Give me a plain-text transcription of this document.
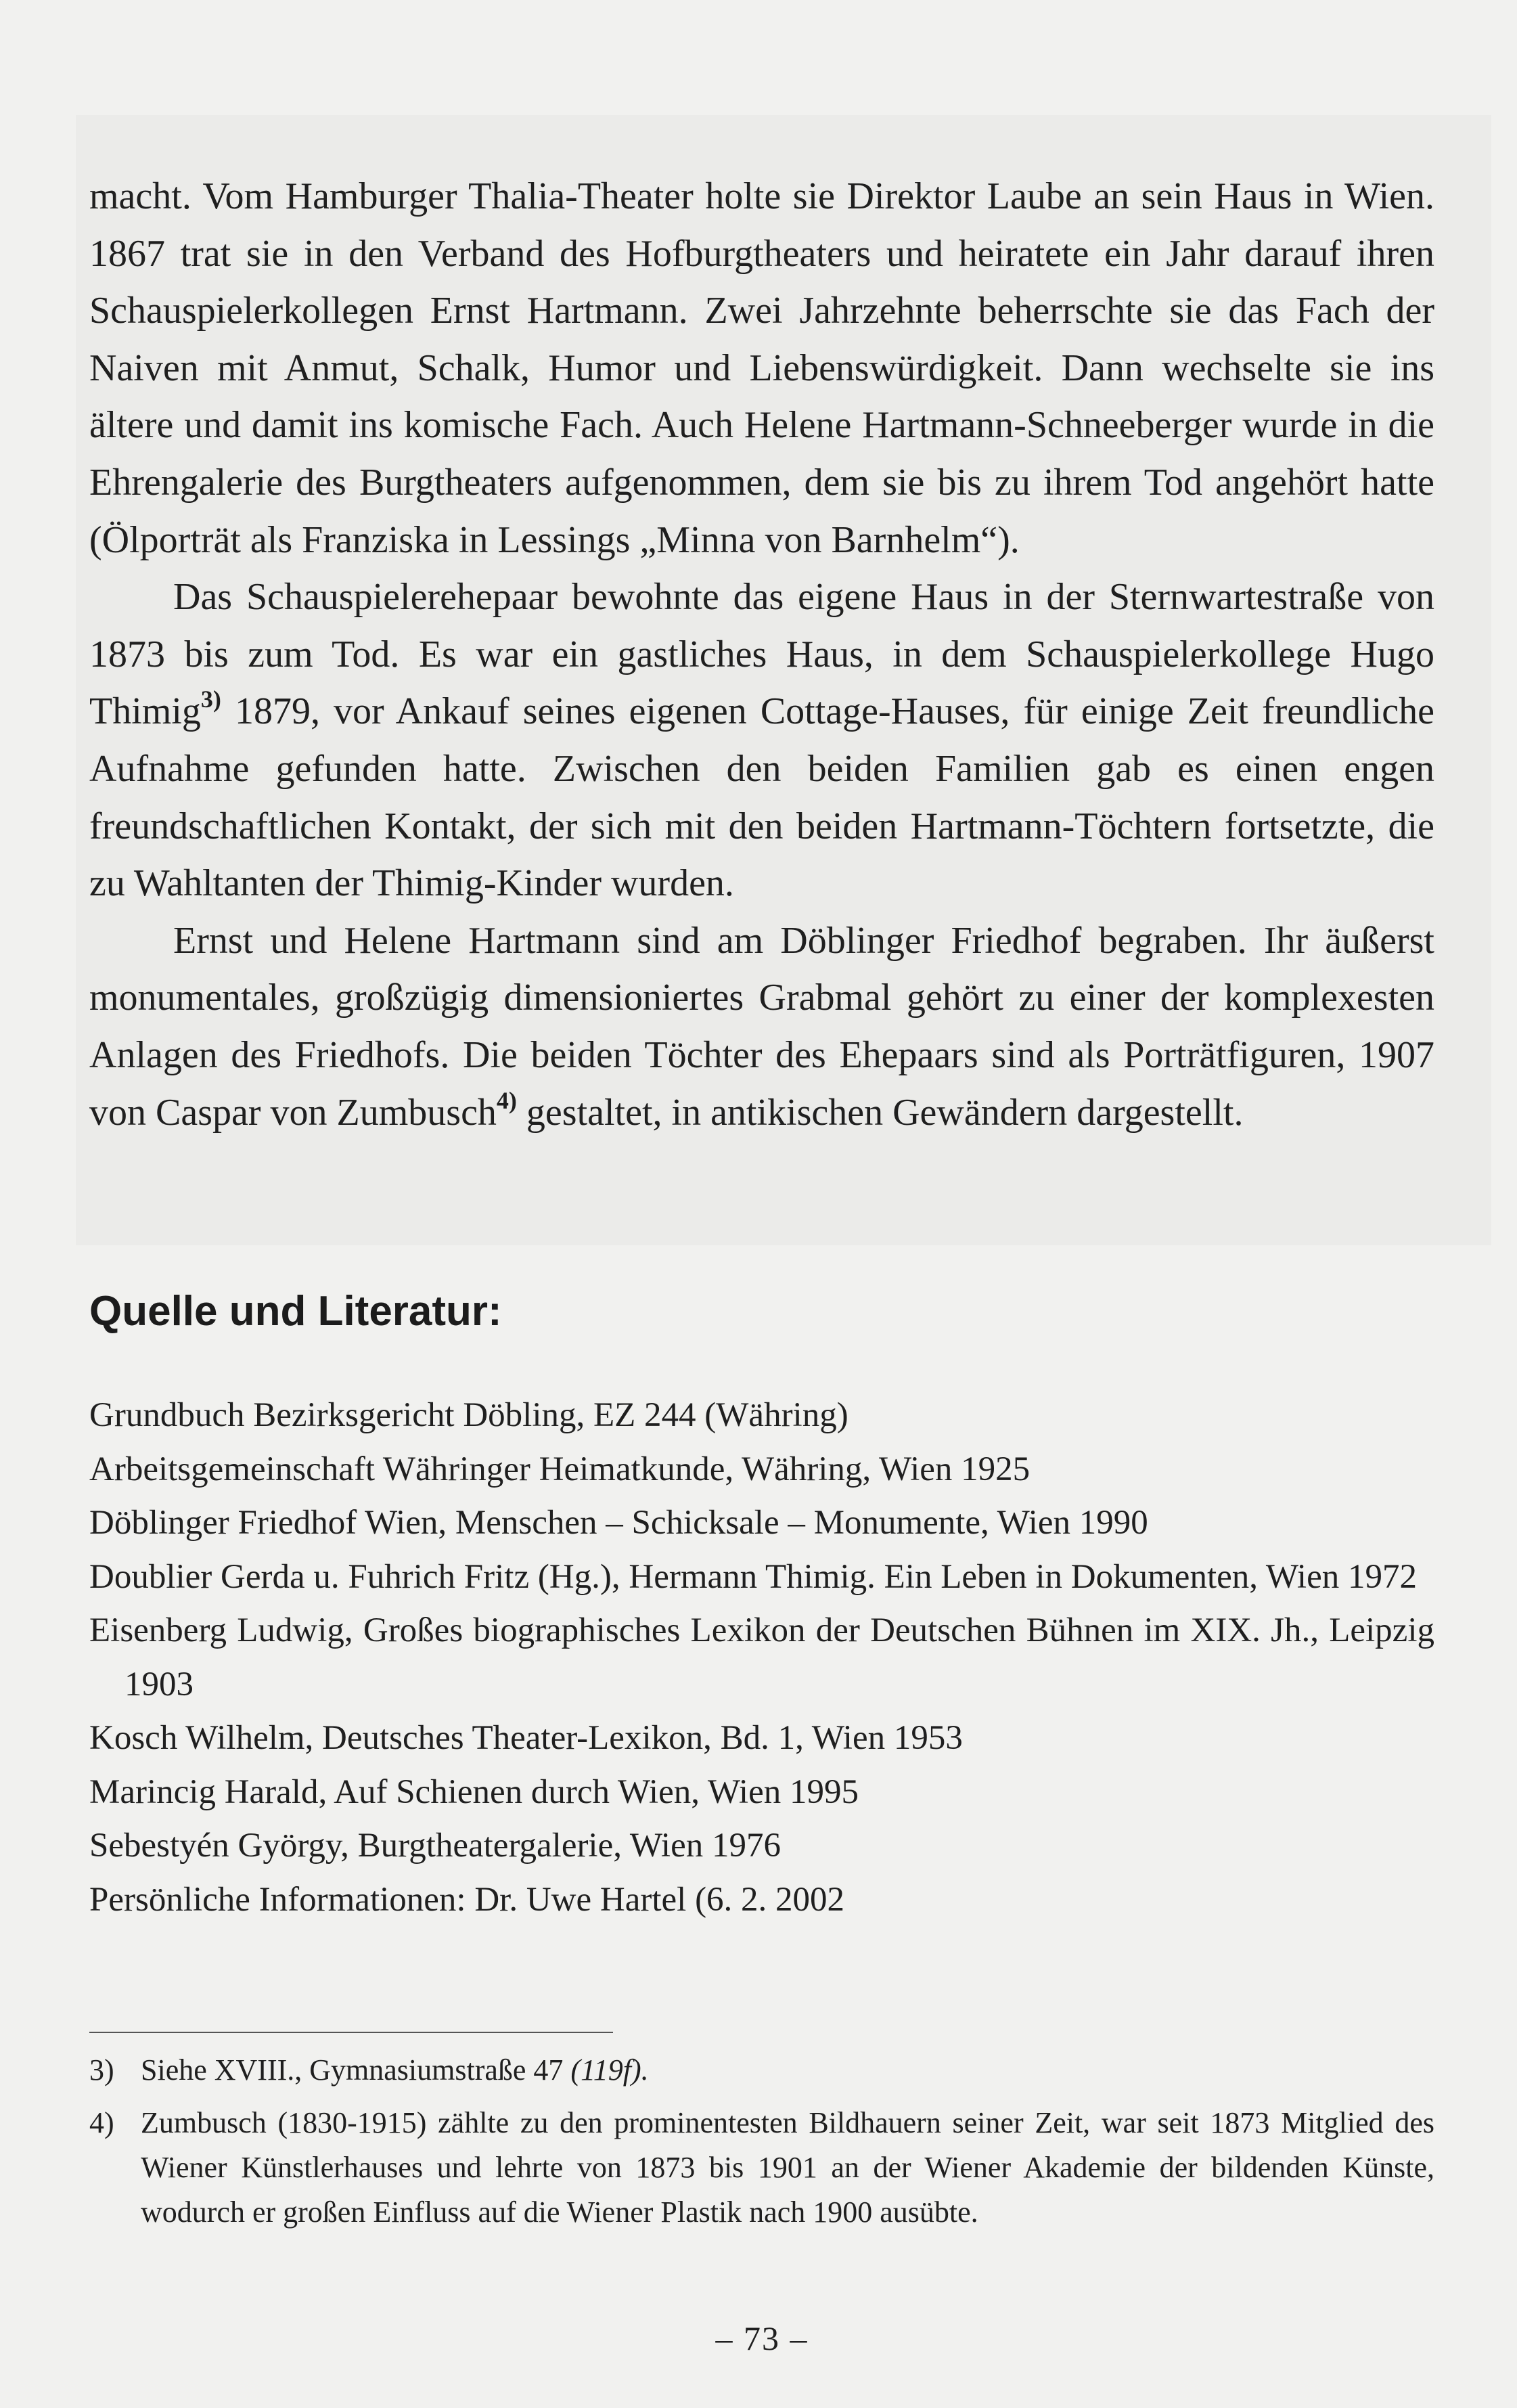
macht. Vom Hamburger Thalia-Theater holte sie Direktor Laube an sein Haus in Wien. 1867 trat sie in den Verband des Hofburgtheaters und heiratete ein Jahr darauf ihren Schauspielerkollegen Ernst Hartmann. Zwei Jahrzehnte beherrschte sie das Fach der Naiven mit Anmut, Schalk, Humor und Liebenswürdigkeit. Dann wechselte sie ins ältere und damit ins komische Fach. Auch Helene Hartmann-Schneeberger wurde in die Ehrengalerie des Burgtheaters aufgenommen, dem sie bis zu ihrem Tod angehört hatte (Ölporträt als Franziska in Lessings „Minna von Barnhelm“).

Das Schauspielerehepaar bewohnte das eigene Haus in der Sternwartestraße von 1873 bis zum Tod. Es war ein gastliches Haus, in dem Schauspielerkollege Hugo Thimig$^{3)}$ 1879, vor Ankauf seines eigenen Cottage-Hauses, für einige Zeit freundliche Aufnahme gefunden hatte. Zwischen den beiden Familien gab es einen engen freundschaftlichen Kontakt, der sich mit den beiden Hartmann-Töchtern fortsetzte, die zu Wahltanten der Thimig-Kinder wurden.

Ernst und Helene Hartmann sind am Döblinger Friedhof begraben. Ihr äußerst monumentales, großzügig dimensioniertes Grabmal gehört zu einer der komplexesten Anlagen des Friedhofs. Die beiden Töchter des Ehepaars sind als Porträtfiguren, 1907 von Caspar von Zumbusch$^{4)}$ gestaltet, in antikischen Gewändern dargestellt.

Quelle und Literatur:
Grundbuch Bezirksgericht Döbling, EZ 244 (Währing)
Arbeitsgemeinschaft Währinger Heimatkunde, Währing, Wien 1925
Döblinger Friedhof Wien, Menschen – Schicksale – Monumente, Wien 1990
Doublier Gerda u. Fuhrich Fritz (Hg.), Hermann Thimig. Ein Leben in Dokumenten, Wien 1972
Eisenberg Ludwig, Großes biographisches Lexikon der Deutschen Bühnen im XIX. Jh., Leipzig 1903
Kosch Wilhelm, Deutsches Theater-Lexikon, Bd. 1, Wien 1953
Marincig Harald, Auf Schienen durch Wien, Wien 1995
Sebestyén György, Burgtheatergalerie, Wien 1976
Persönliche Informationen: Dr. Uwe Hartel (6. 2. 2002
3) Siehe XVIII., Gymnasiumstraße 47 (119f).
4) Zumbusch (1830-1915) zählte zu den prominentesten Bildhauern seiner Zeit, war seit 1873 Mitglied des Wiener Künstlerhauses und lehrte von 1873 bis 1901 an der Wiener Akademie der bildenden Künste, wodurch er großen Einfluss auf die Wiener Plastik nach 1900 ausübte.
– 73 –
